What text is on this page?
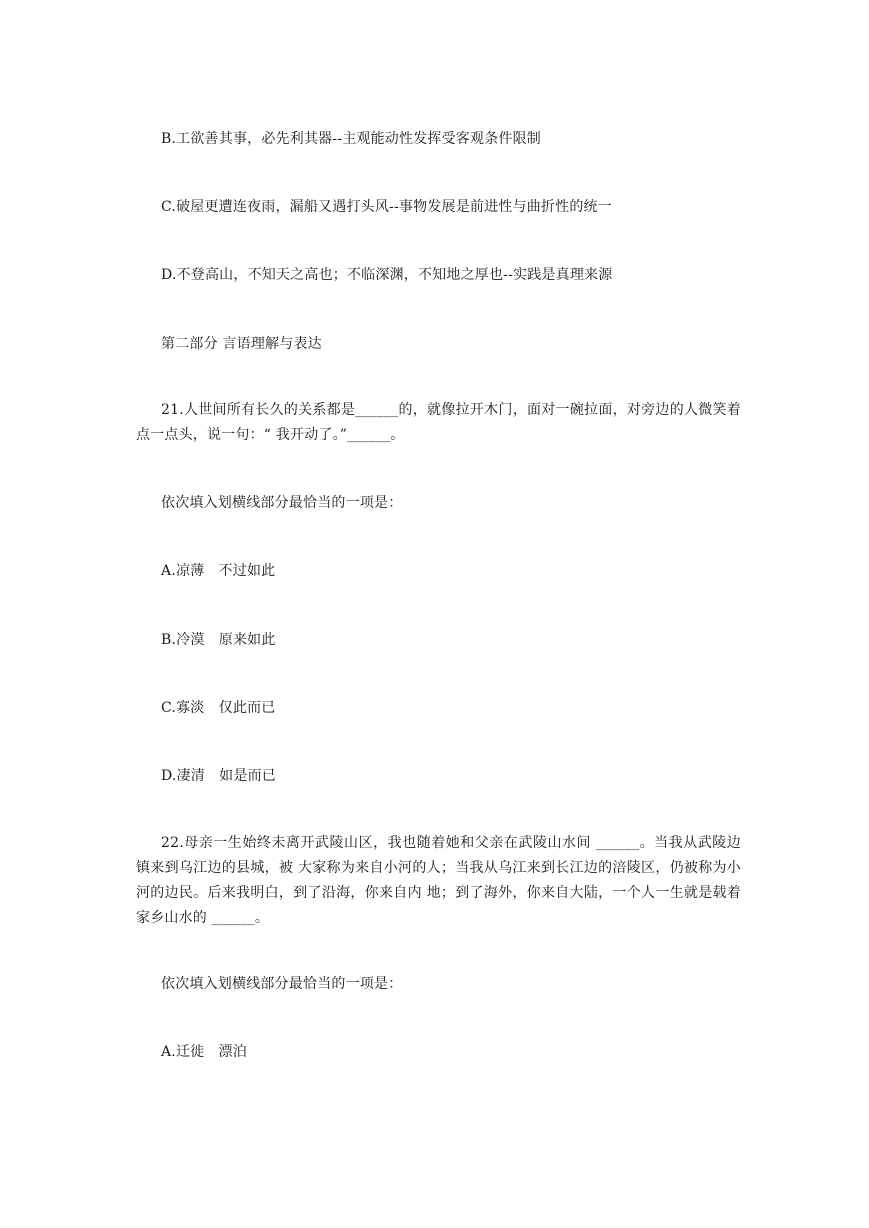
B.工欲善其事，必先利其器--主观能动性发挥受客观条件限制
C.破屋更遭连夜雨，漏船又遇打头风--事物发展是前进性与曲折性的统一
D.不登高山，不知天之高也；不临深渊，不知地之厚也--实践是真理来源
第二部分 言语理解与表达
21.人世间所有长久的关系都是______的，就像拉开木门，面对一碗拉面，对旁边的人微笑着点一点头，说一句：“ 我开动了。”______。
依次填入划横线部分最恰当的一项是：
A.凉薄　不过如此
B.冷漠　原来如此
C.寡淡　仅此而已
D.凄清　如是而已
22.母亲一生始终未离开武陵山区，我也随着她和父亲在武陵山水间 ______。当我从武陵边镇来到乌江边的县城，被 大家称为来自小河的人；当我从乌江来到长江边的涪陵区，仍被称为小河的边民。后来我明白，到了沿海，你来自内 地；到了海外，你来自大陆，一个人一生就是载着家乡山水的 ______。
依次填入划横线部分最恰当的一项是：
A.迁徙　漂泊
